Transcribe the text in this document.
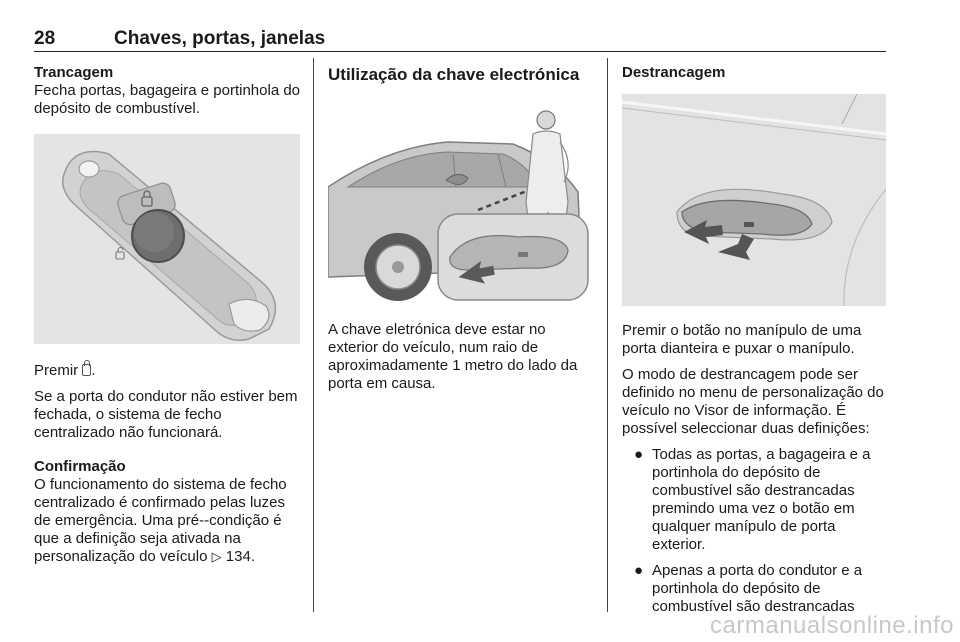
28	Chaves, portas, janelas
Trancagem

Fecha portas, bagageira e portinhola do depósito de combustível.

Premir .

Se a porta do condutor não estiver bem fechada, o sistema de fecho centralizado não funcionará.

Confirmação

O funcionamento do sistema de fecho centralizado é confirmado pelas luzes de emergência. Uma pré--condição é que a definição seja ativada na personalização do veículo ▷ 134.

Utilização da chave electrónica

A chave eletrónica deve estar no exterior do veículo, num raio de aproximadamente 1 metro do lado da porta em causa.

Destrancagem

Premir o botão no manípulo de uma porta dianteira e puxar o manípulo.

O modo de destrancagem pode ser definido no menu de personalização do veículo no Visor de informação. É possível seleccionar duas definições:

● Todas as portas, a bagageira e a portinhola do depósito de combustível são destrancadas premindo uma vez o botão em qualquer manípulo de porta exterior.
● Apenas a porta do condutor e a portinhola do depósito de combustível são destrancadas
carmanualsonline.info
